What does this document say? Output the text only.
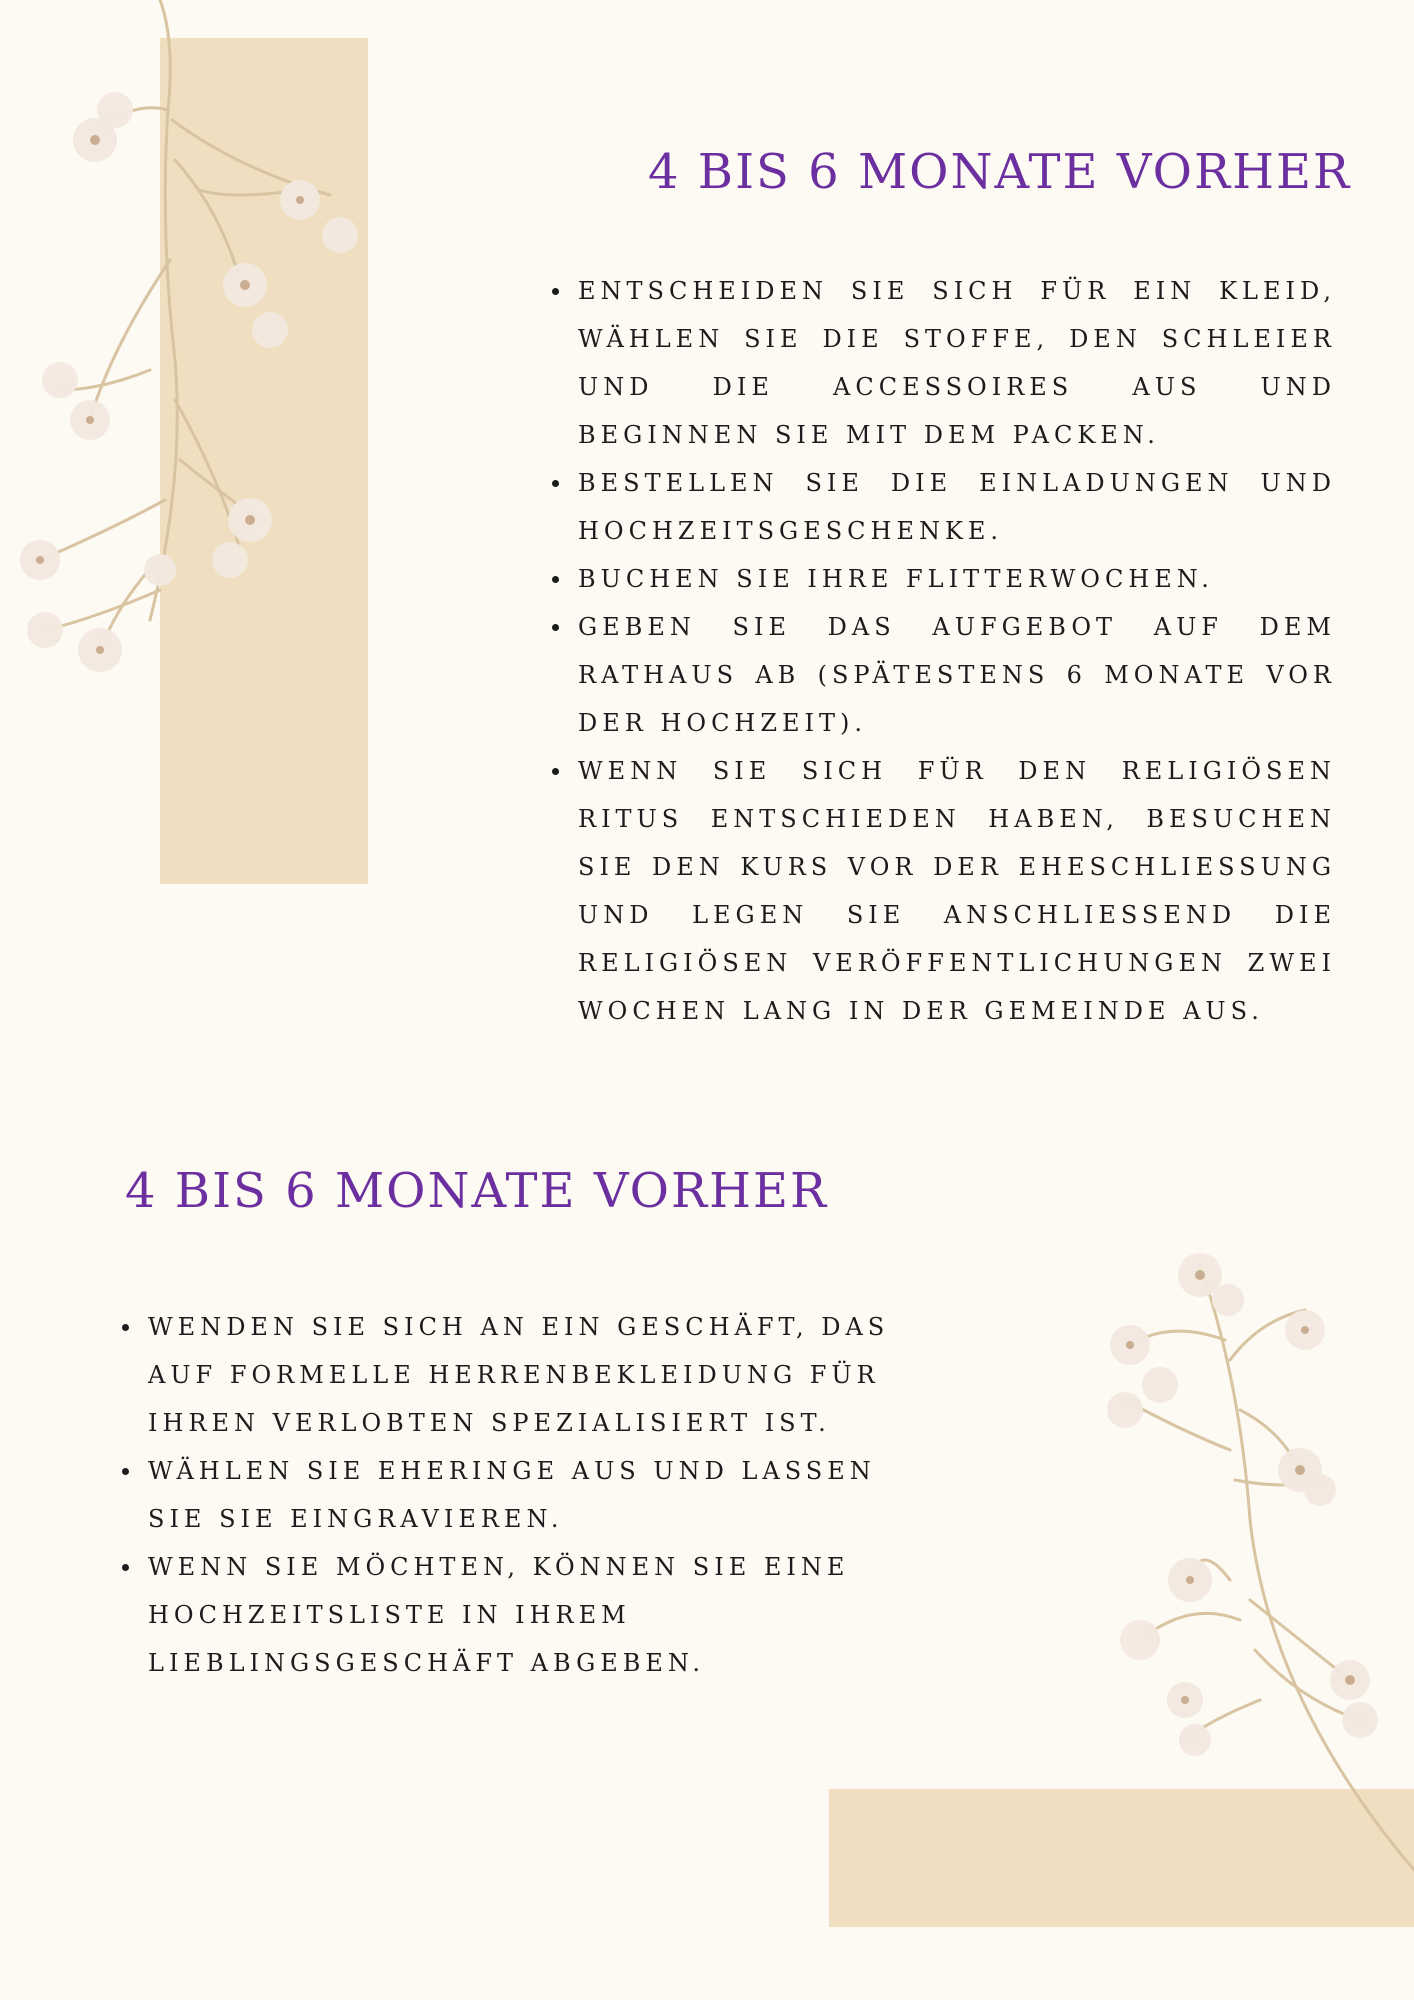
4 BIS 6 MONATE VORHER
ENTSCHEIDEN SIE SICH FÜR EIN KLEID, WÄHLEN SIE DIE STOFFE, DEN SCHLEIER UND DIE ACCESSOIRES AUS UND BEGINNEN SIE MIT DEM PACKEN.
BESTELLEN SIE DIE EINLADUNGEN UND HOCHZEITSGESCHENKE.
BUCHEN SIE IHRE FLITTERWOCHEN.
GEBEN SIE DAS AUFGEBOT AUF DEM RATHAUS AB (SPÄTESTENS 6 MONATE VOR DER HOCHZEIT).
WENN SIE SICH FÜR DEN RELIGIÖSEN RITUS ENTSCHIEDEN HABEN, BESUCHEN SIE DEN KURS VOR DER EHESCHLIESSUNG UND LEGEN SIE ANSCHLIESSEND DIE RELIGIÖSEN VERÖFFENTLICHUNGEN ZWEI WOCHEN LANG IN DER GEMEINDE AUS.
4 BIS 6 MONATE VORHER
WENDEN SIE SICH AN EIN GESCHÄFT, DAS AUF FORMELLE HERRENBEKLEIDUNG FÜR IHREN VERLOBTEN SPEZIALISIERT IST.
WÄHLEN SIE EHERINGE AUS UND LASSEN SIE SIE EINGRAVIEREN.
WENN SIE MÖCHTEN, KÖNNEN SIE EINE HOCHZEITSLISTE IN IHREM LIEBLINGSGESCHÄFT ABGEBEN.
